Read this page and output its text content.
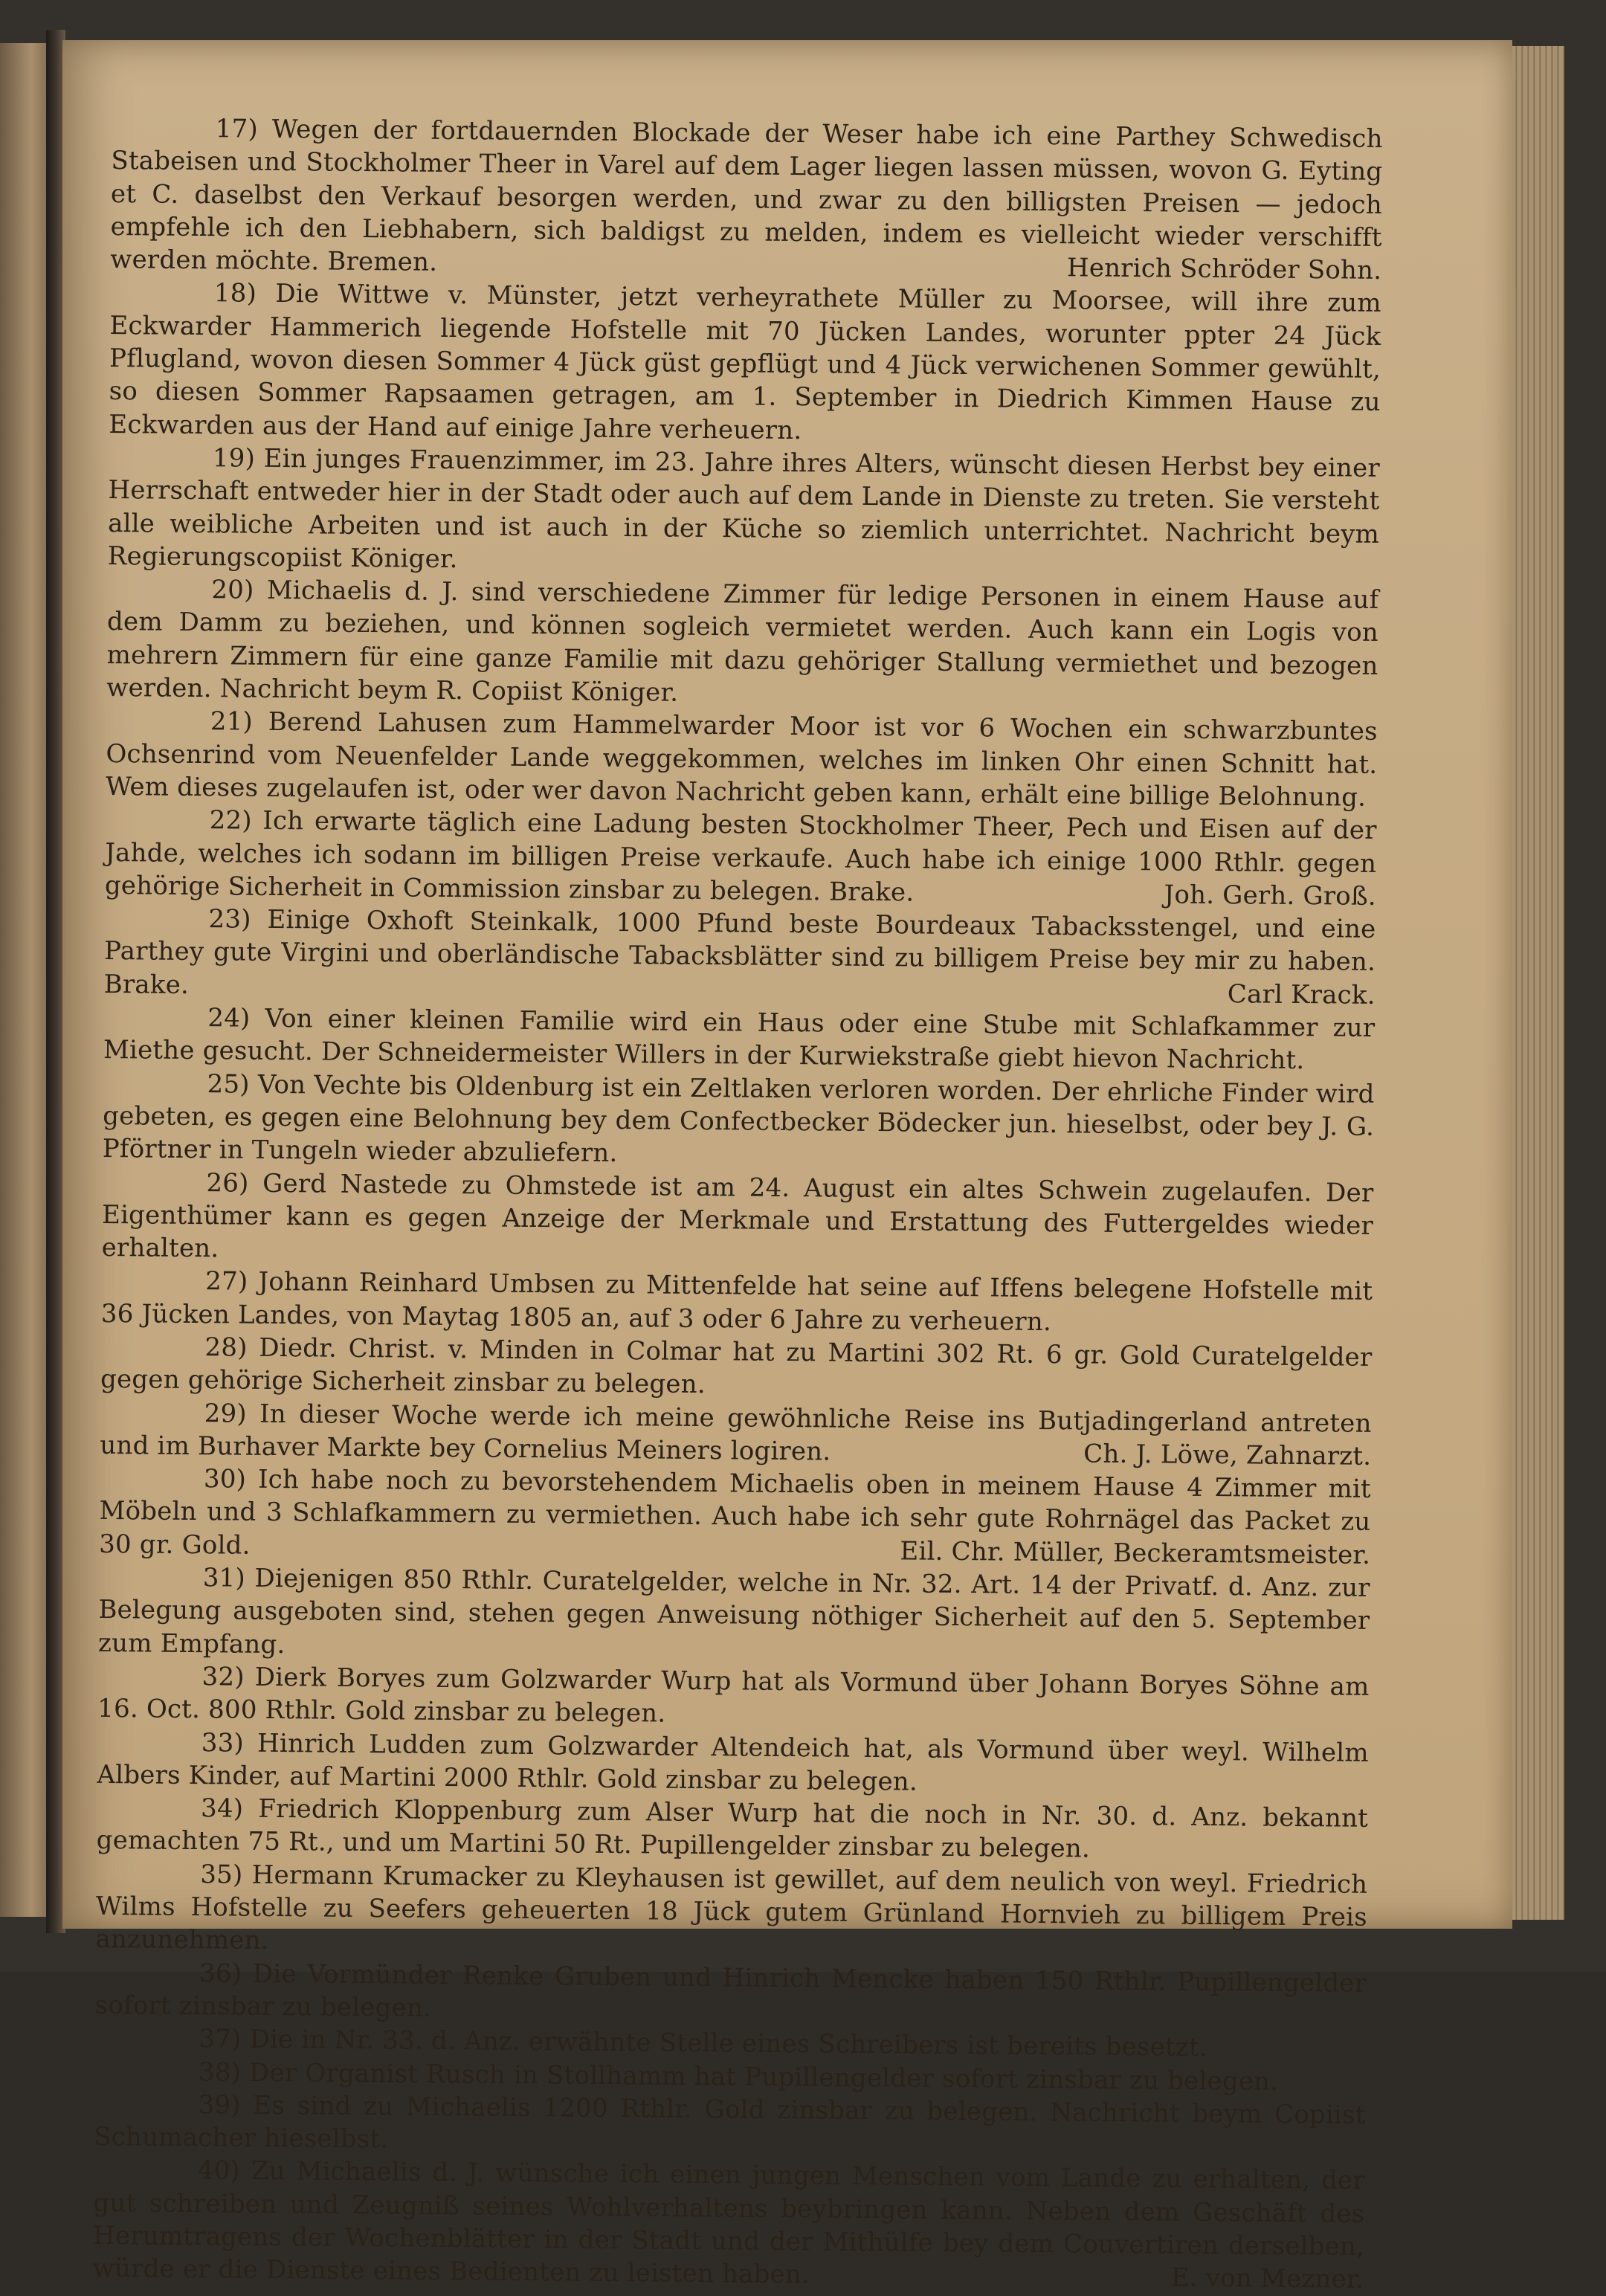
17) Wegen der fortdauernden Blockade der Weser habe ich eine Parthey Schwedisch Stabeisen und Stockholmer Theer in Varel auf dem Lager liegen lassen müssen, wovon G. Eyting et C. daselbst den Verkauf besorgen werden, und zwar zu den billigsten Preisen — jedoch empfehle ich den Liebhabern, sich baldigst zu melden, indem es vielleicht wieder verschifft werden möchte. Bremen.	Henrich Schröder Sohn.

18) Die Wittwe v. Münster, jetzt verheyrathete Müller zu Moorsee, will ihre zum Eckwarder Hammerich liegende Hofstelle mit 70 Jücken Landes, worunter ppter 24 Jück Pflugland, wovon diesen Sommer 4 Jück güst gepflügt und 4 Jück verwichenen Sommer gewühlt, so diesen Sommer Rapsaamen getragen, am 1. September in Diedrich Kimmen Hause zu Eckwarden aus der Hand auf einige Jahre verheuern.

19) Ein junges Frauenzimmer, im 23. Jahre ihres Alters, wünscht diesen Herbst bey einer Herrschaft entweder hier in der Stadt oder auch auf dem Lande in Dienste zu treten. Sie versteht alle weibliche Arbeiten und ist auch in der Küche so ziemlich unterrichtet. Nachricht beym Regierungscopiist Königer.

20) Michaelis d. J. sind verschiedene Zimmer für ledige Personen in einem Hause auf dem Damm zu beziehen, und können sogleich vermietet werden. Auch kann ein Logis von mehrern Zimmern für eine ganze Familie mit dazu gehöriger Stallung vermiethet und bezogen werden. Nachricht beym R. Copiist Königer.

21) Berend Lahusen zum Hammelwarder Moor ist vor 6 Wochen ein schwarzbuntes Ochsenrind vom Neuenfelder Lande weggekommen, welches im linken Ohr einen Schnitt hat. Wem dieses zugelaufen ist, oder wer davon Nachricht geben kann, erhält eine billige Belohnung.

22) Ich erwarte täglich eine Ladung besten Stockholmer Theer, Pech und Eisen auf der Jahde, welches ich sodann im billigen Preise verkaufe. Auch habe ich einige 1000 Rthlr. gegen gehörige Sicherheit in Commission zinsbar zu belegen. Brake.	Joh. Gerh. Groß.

23) Einige Oxhoft Steinkalk, 1000 Pfund beste Bourdeaux Tabacksstengel, und eine Parthey gute Virgini und oberländische Tabacksblätter sind zu billigem Preise bey mir zu haben. Brake.	Carl Krack.

24) Von einer kleinen Familie wird ein Haus oder eine Stube mit Schlafkammer zur Miethe gesucht. Der Schneidermeister Willers in der Kurwiekstraße giebt hievon Nachricht.

25) Von Vechte bis Oldenburg ist ein Zeltlaken verloren worden. Der ehrliche Finder wird gebeten, es gegen eine Belohnung bey dem Confectbecker Bödecker jun. hieselbst, oder bey J. G. Pförtner in Tungeln wieder abzuliefern.

26) Gerd Nastede zu Ohmstede ist am 24. August ein altes Schwein zugelaufen. Der Eigenthümer kann es gegen Anzeige der Merkmale und Erstattung des Futtergeldes wieder erhalten.

27) Johann Reinhard Umbsen zu Mittenfelde hat seine auf Iffens belegene Hofstelle mit 36 Jücken Landes, von Maytag 1805 an, auf 3 oder 6 Jahre zu verheuern.

28) Diedr. Christ. v. Minden in Colmar hat zu Martini 302 Rt. 6 gr. Gold Curatelgelder gegen gehörige Sicherheit zinsbar zu belegen.

29) In dieser Woche werde ich meine gewöhnliche Reise ins Butjadingerland antreten und im Burhaver Markte bey Cornelius Meiners logiren.	Ch. J. Löwe, Zahnarzt.

30) Ich habe noch zu bevorstehendem Michaelis oben in meinem Hause 4 Zimmer mit Möbeln und 3 Schlafkammern zu vermiethen. Auch habe ich sehr gute Rohrnägel das Packet zu 30 gr. Gold.	Eil. Chr. Müller, Beckeramtsmeister.

31) Diejenigen 850 Rthlr. Curatelgelder, welche in Nr. 32. Art. 14 der Privatf. d. Anz. zur Belegung ausgeboten sind, stehen gegen Anweisung nöthiger Sicherheit auf den 5. September zum Empfang.

32) Dierk Boryes zum Golzwarder Wurp hat als Vormund über Johann Boryes Söhne am 16. Oct. 800 Rthlr. Gold zinsbar zu belegen.

33) Hinrich Ludden zum Golzwarder Altendeich hat, als Vormund über weyl. Wilhelm Albers Kinder, auf Martini 2000 Rthlr. Gold zinsbar zu belegen.

34) Friedrich Kloppenburg zum Alser Wurp hat die noch in Nr. 30. d. Anz. bekannt gemachten 75 Rt., und um Martini 50 Rt. Pupillengelder zinsbar zu belegen.

35) Hermann Krumacker zu Kleyhausen ist gewillet, auf dem neulich von weyl. Friedrich Wilms Hofstelle zu Seefers geheuerten 18 Jück gutem Grünland Hornvieh zu billigem Preis anzunehmen.

36) Die Vormünder Renke Gruben und Hinrich Mencke haben 150 Rthlr. Pupillengelder sofort zinsbar zu belegen.

37) Die in Nr. 33. d. Anz. erwähnte Stelle eines Schreibers ist bereits besetzt.

38) Der Organist Rusch in Stollhamm hat Pupillengelder sofort zinsbar zu belegen.

39) Es sind zu Michaelis 1200 Rthlr. Gold zinsbar zu belegen. Nachricht beym Copiist Schumacher hieselbst.

40) Zu Michaelis d. J. wünsche ich einen jungen Menschen vom Lande zu erhalten, der gut schreiben und Zeugniß seines Wohlverhaltens beybringen kann. Neben dem Geschäft des Herumtragens der Wochenblätter in der Stadt und der Mithülfe bey dem Couvertiren derselben, würde er die Dienste eines Bedienten zu leisten haben.	E. von Mezner.
